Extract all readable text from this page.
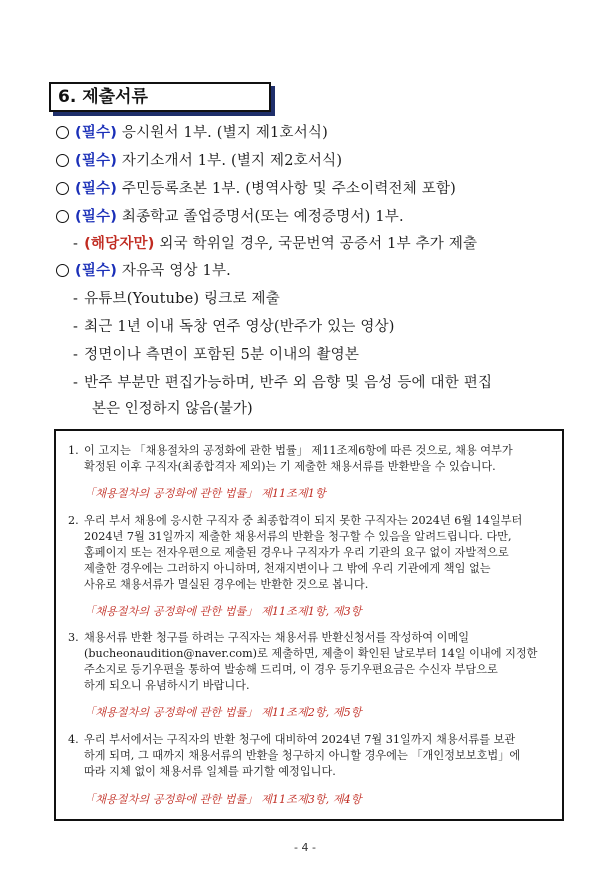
6. 제출서류
(필수) 응시원서 1부. (별지 제1호서식)
(필수) 자기소개서 1부. (별지 제2호서식)
(필수) 주민등록초본 1부. (병역사항 및 주소이력전체 포함)
(필수) 최종학교 졸업증명서(또는 예정증명서) 1부.
- (해당자만) 외국 학위일 경우, 국문번역 공증서 1부 추가 제출
(필수) 자유곡 영상 1부.
- 유튜브(Youtube) 링크로 제출
- 최근 1년 이내 독창 연주 영상(반주가 있는 영상)
- 정면이나 측면이 포함된 5분 이내의 촬영본
- 반주 부분만 편집가능하며, 반주 외 음향 및 음성 등에 대한 편집
본은 인정하지 않음(불가)
1. 이 고지는 「채용절차의 공정화에 관한 법률」 제11조제6항에 따른 것으로, 채용 여부가
확정된 이후 구직자(최종합격자 제외)는 기 제출한 채용서류를 반환받을 수 있습니다.
「채용절차의 공정화에 관한 법률」 제11조제1항
2. 우리 부서 채용에 응시한 구직자 중 최종합격이 되지 못한 구직자는 2024년 6월 14일부터
2024년 7월 31일까지 제출한 채용서류의 반환을 청구할 수 있음을 알려드립니다. 다만,
홈페이지 또는 전자우편으로 제출된 경우나 구직자가 우리 기관의 요구 없이 자발적으로
제출한 경우에는 그러하지 아니하며, 천재지변이나 그 밖에 우리 기관에게 책임 없는
사유로 채용서류가 멸실된 경우에는 반환한 것으로 봅니다.
「채용절차의 공정화에 관한 법률」 제11조제1항, 제3항
3. 채용서류 반환 청구를 하려는 구직자는 채용서류 반환신청서를 작성하여 이메일
(bucheonaudition@naver.com)로 제출하면, 제출이 확인된 날로부터 14일 이내에 지정한
주소지로 등기우편을 통하여 발송해 드리며, 이 경우 등기우편요금은 수신자 부담으로
하게 되오니 유념하시기 바랍니다.
「채용절차의 공정화에 관한 법률」 제11조제2항, 제5항
4. 우리 부서에서는 구직자의 반환 청구에 대비하여 2024년 7월 31일까지 채용서류를 보관
하게 되며, 그 때까지 채용서류의 반환을 청구하지 아니할 경우에는 「개인정보보호법」에
따라 지체 없이 채용서류 일체를 파기할 예정입니다.
「채용절차의 공정화에 관한 법률」 제11조제3항, 제4항
- 4 -
